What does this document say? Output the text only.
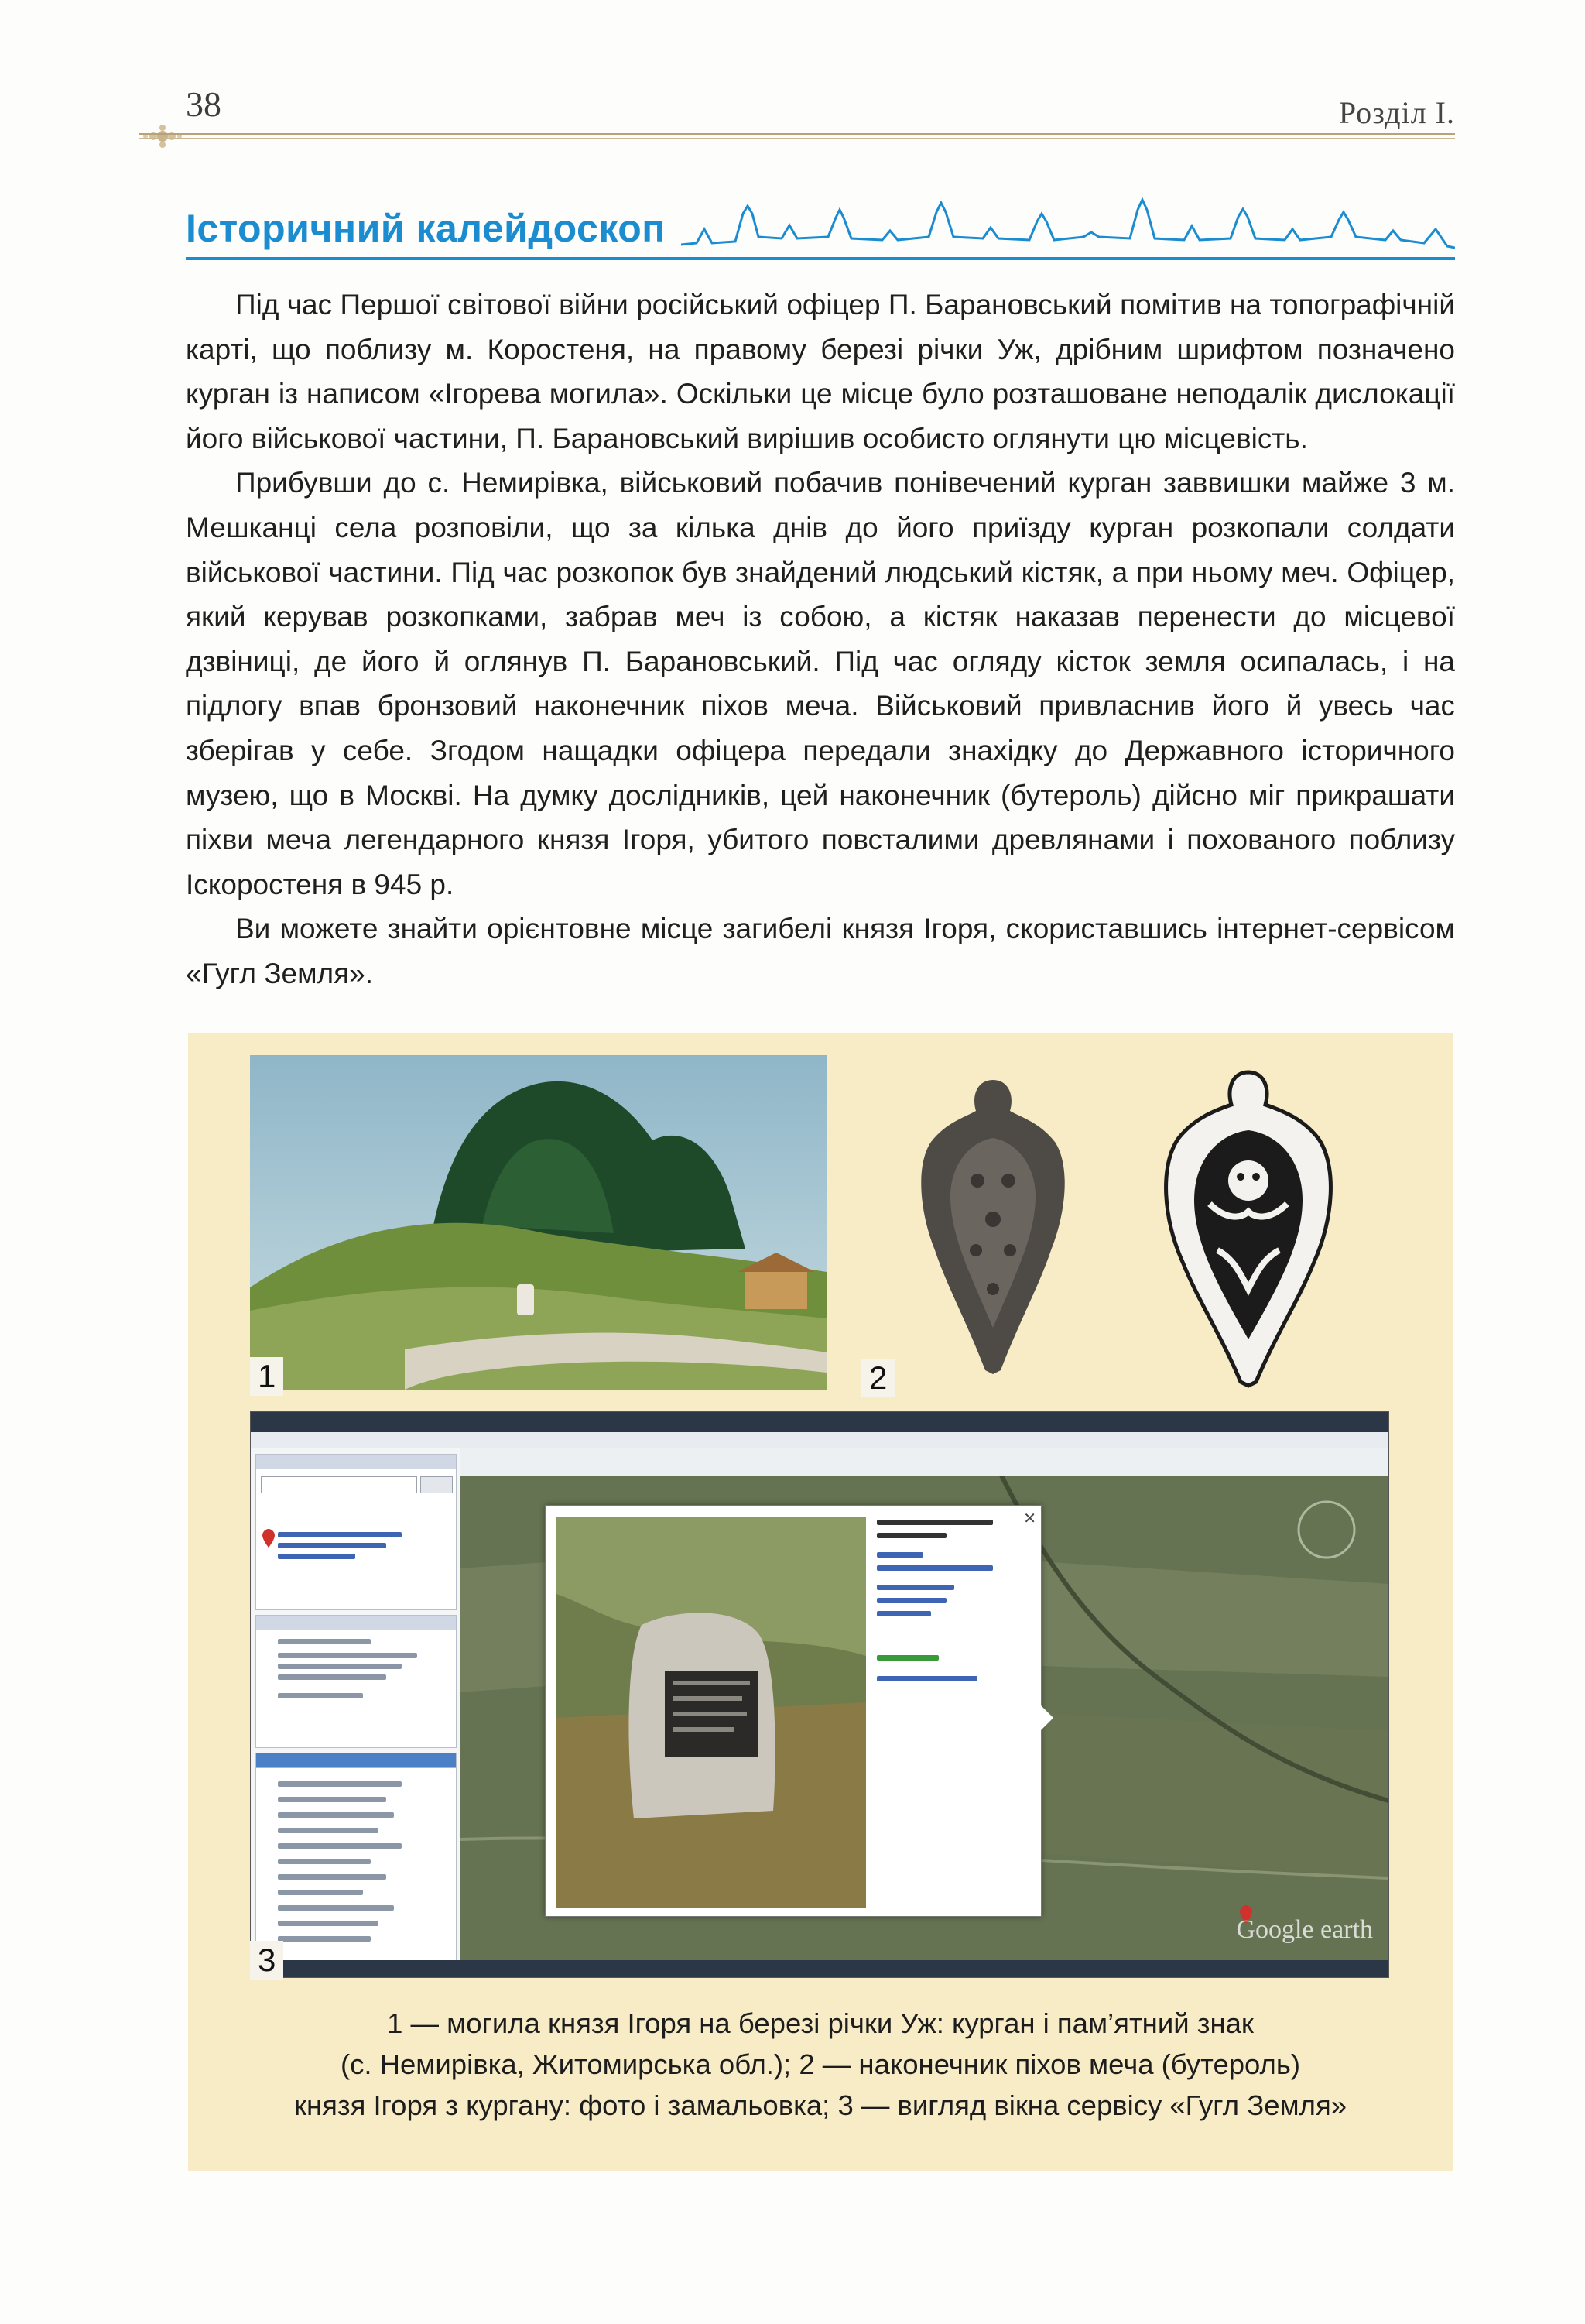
38	Розділ I.
Історичний калейдоскоп

Під час Першої світової війни російський офіцер П. Барановський помітив на топографічній карті, що поблизу м. Коростеня, на правому березі річки Уж, дрібним шрифтом позначено курган із написом «Ігорева могила». Оскільки це місце було розташоване неподалік дислокації його військової частини, П. Барановський вирішив особисто оглянути цю місцевість.

Прибувши до с. Немирівка, військовий побачив понівечений курган заввишки майже 3 м. Мешканці села розповіли, що за кілька днів до його приїзду курган розкопали солдати військової частини. Під час розкопок був знайдений людський кістяк, а при ньому меч. Офіцер, який керував розкопками, забрав меч із собою, а кістяк наказав перенести до місцевої дзвіниці, де його й оглянув П. Барановський. Під час огляду кісток земля осипалась, і на підлогу впав бронзовий наконечник піхов меча. Військовий привласнив його й увесь час зберігав у себе. Згодом нащадки офіцера передали знахідку до Державного історичного музею, що в Москві. На думку дослідників, цей наконечник (бутероль) дійсно міг прикрашати піхви меча легендарного князя Ігоря, убитого повсталими древлянами і похованого поблизу Іскоростеня в 945 р.

Ви можете знайти орієнтовне місце загибелі князя Ігоря, скориставшись інтернет-сервісом «Гугл Земля».

1	2
Google earth
✕
3
1 — могила князя Ігоря на березі річки Уж: курган і пам’ятний знак
(с. Немирівка, Житомирська обл.); 2 — наконечник піхов меча (бутероль)
князя Ігоря з кургану: фото і замальовка; 3 — вигляд вікна сервісу «Гугл Земля»
